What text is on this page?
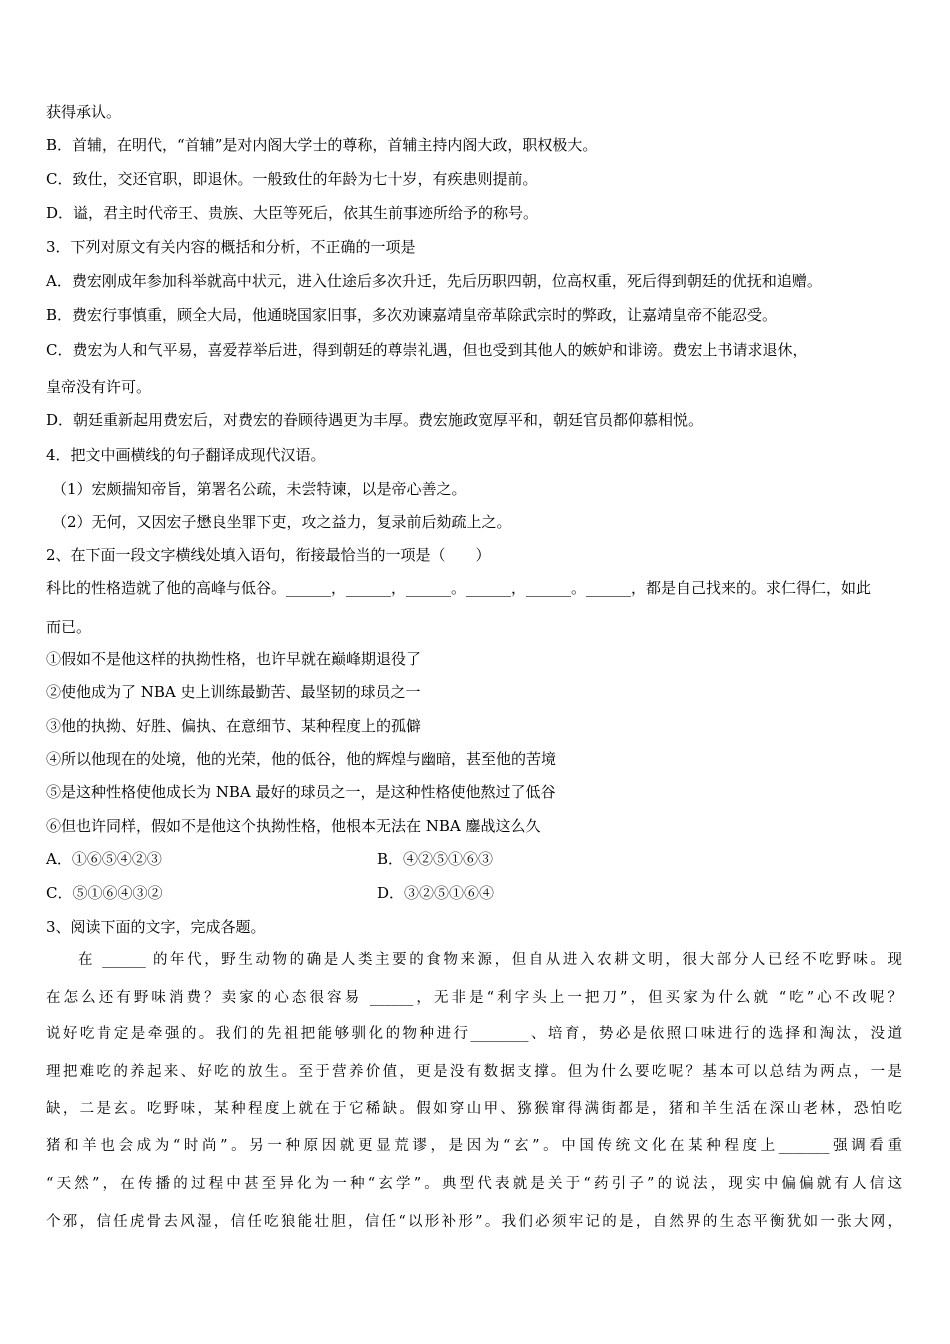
获得承认。
B．首辅，在明代，“首辅”是对内阁大学士的尊称，首辅主持内阁大政，职权极大。
C．致仕，交还官职，即退休。一般致仕的年龄为七十岁，有疾患则提前。
D．谥，君主时代帝王、贵族、大臣等死后，依其生前事迹所给予的称号。
3．下列对原文有关内容的概括和分析，不正确的一项是
A．费宏刚成年参加科举就高中状元，进入仕途后多次升迁，先后历职四朝，位高权重，死后得到朝廷的优抚和追赠。
B．费宏行事慎重，顾全大局，他通晓国家旧事，多次劝谏嘉靖皇帝革除武宗时的弊政，让嘉靖皇帝不能忍受。
C．费宏为人和气平易，喜爱荐举后进，得到朝廷的尊崇礼遇，但也受到其他人的嫉妒和诽谤。费宏上书请求退休，
皇帝没有许可。
D．朝廷重新起用费宏后，对费宏的眷顾待遇更为丰厚。费宏施政宽厚平和，朝廷官员都仰慕相悦。
4．把文中画横线的句子翻译成现代汉语。
（1）宏颇揣知帝旨，第署名公疏，未尝特谏，以是帝心善之。
（2）无何，又因宏子懋良坐罪下吏，攻之益力，复录前后劾疏上之。
2、在下面一段文字横线处填入语句，衔接最恰当的一项是（　　）
科比的性格造就了他的高峰与低谷。______，______，______。______，______。______，都是自己找来的。求仁得仁，如此
而已。
①假如不是他这样的执拗性格，也许早就在巅峰期退役了
②使他成为了 NBA 史上训练最勤苦、最坚韧的球员之一
③他的执拗、好胜、偏执、在意细节、某种程度上的孤僻
④所以他现在的处境，他的光荣，他的低谷，他的辉煌与幽暗，甚至他的苦境
⑤是这种性格使他成长为 NBA 最好的球员之一，是这种性格使他熬过了低谷
⑥但也许同样，假如不是他这个执拗性格，他根本无法在 NBA 鏖战这么久
A．①⑥⑤④②③	B．④②⑤①⑥③
C．⑤①⑥④③②	D．③②⑤①⑥④
3、阅读下面的文字，完成各题。
在 ______ 的年代，野生动物的确是人类主要的食物来源，但自从进入农耕文明，很大部分人已经不吃野味。现
在怎么还有野味消费？卖家的心态很容易 ______，无非是“利字头上一把刀”，但买家为什么就 “吃”心不改呢？
说好吃肯定是牵强的。我们的先祖把能够驯化的物种进行________、培育，势必是依照口味进行的选择和淘汰，没道
理把难吃的养起来、好吃的放生。至于营养价值，更是没有数据支撑。但为什么要吃呢？基本可以总结为两点，一是
缺，二是玄。吃野味，某种程度上就在于它稀缺。假如穿山甲、猕猴窜得满街都是，猪和羊生活在深山老林，恐怕吃
猪和羊也会成为“时尚”。另一种原因就更显荒谬，是因为“玄”。中国传统文化在某种程度上_______强调看重
“天然”，在传播的过程中甚至异化为一种“玄学”。典型代表就是关于“药引子”的说法，现实中偏偏就有人信这
个邪，信任虎骨去风湿，信任吃狼能壮胆，信任“以形补形”。我们必须牢记的是，自然界的生态平衡犹如一张大网，
